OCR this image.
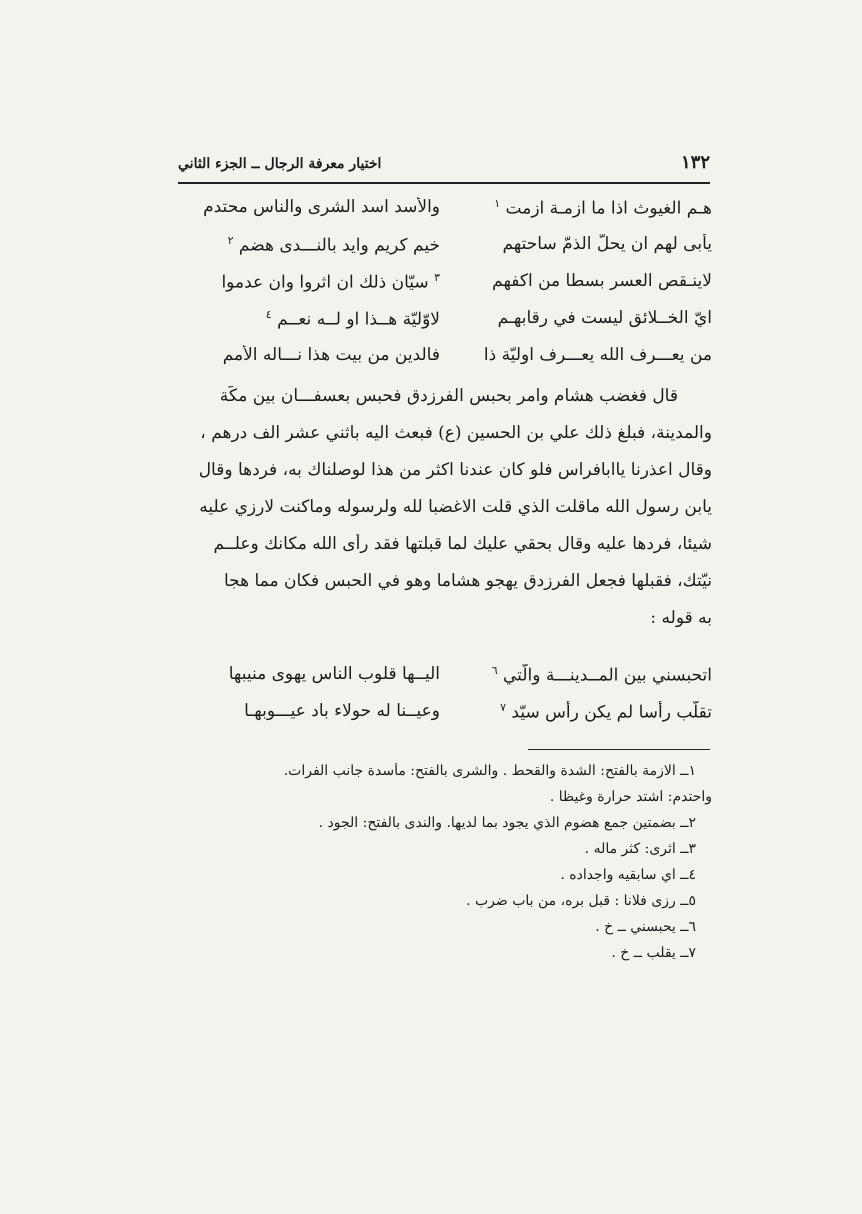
١٣٢
اختيار معرفة الرجال ــ الجزء الثاني
هـم الغيوث اذا ما ازمـة ازمت $^١$
والأسد اسد الشرى والناس محتدم
يأبى لهم ان يحلّ الذمّ ساحتهم
خيم كريم وايد بالنـــدى هضم $^٢$
لاينـقص العسر بسطا من اكفهم
$^٣$ سيّان ذلك ان اثروا وان عدموا
ايّ الخــلائق ليست في رقابهـم
لاوّليّة هــذا او لــه نعــم $^٤$
من يعـــرف الله يعـــرف اوليّة ذا
فالدين من بيت هذا نـــاله الأمم
قال فغضب هشام وامر بحبس الفرزدق فحبس بعسفـــان بين مكّة
والمدينة، فبلغ ذلك علي بن الحسين (ع) فبعث اليه باثني عشر الف درهم ،
وقال اعذرنا ياابافراس فلو كان عندنا اكثر من هذا لوصلناك به، فردها وقال
يابن رسول الله ماقلت الذي قلت الاغضبا لله ولرسوله وماكنت لارزي عليه
شيئا، فردها عليه وقال بحقي عليك لما قبلتها فقد رأى الله مكانك وعلــم
نيّتك، فقبلها فجعل الفرزدق يهجو هشاما وهو في الحبس فكان مما هجا
به قوله :
اتحبسني بين المــدينـــة والّتي $^٦$
اليــها قلوب الناس يهوى منيبها
تقلّب رأسا لم يكن رأس سيّد $^٧$
وعيــنا له حولاء باد عيـــوبهـا
١ــ الازمة بالفتح: الشدة والقحط . والشرى بالفتح: مأسدة جانب الفرات.
واحتدم: اشتد حرارة وغيظا .
٢ــ بضمتين جمع هضوم الذي يجود بما لديها. والندى بالفتح: الجود .
٣ــ اثرى: كثر ماله .
٤ــ اي سابقيه واجداده .
٥ــ رزى فلانا : قبل بره، من باب ضرب .
٦ــ يحبسني ــ خ .
٧ــ يقلب ــ خ .
